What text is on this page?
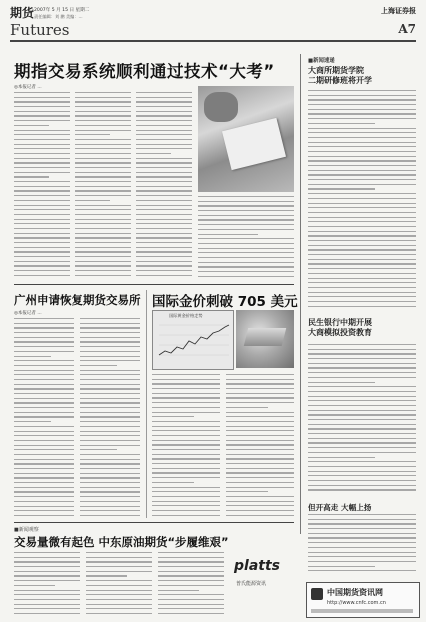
期货 2007年 5 月 15 日 星期二
责任编辑：刘 鹏 美编：...
Futures
上海证券报
A7
期指交易系统顺利通过技术“大考”
◎本报记者 ...
■新闻速递
大商所期货学院
二期研修班将开学
民生银行中期开展
大商模拟投资教育
但开高走 大幅上扬
中国期货资讯网
http://www.cnfc.com.cn
广州申请恢复期货交易所
◎本报记者 ...
国际金价刺破 705 美元
国际黄金价格走势
■新闻观察
交易量微有起色 中东原油期货“步履维艰”
platts
普氏能源资讯
